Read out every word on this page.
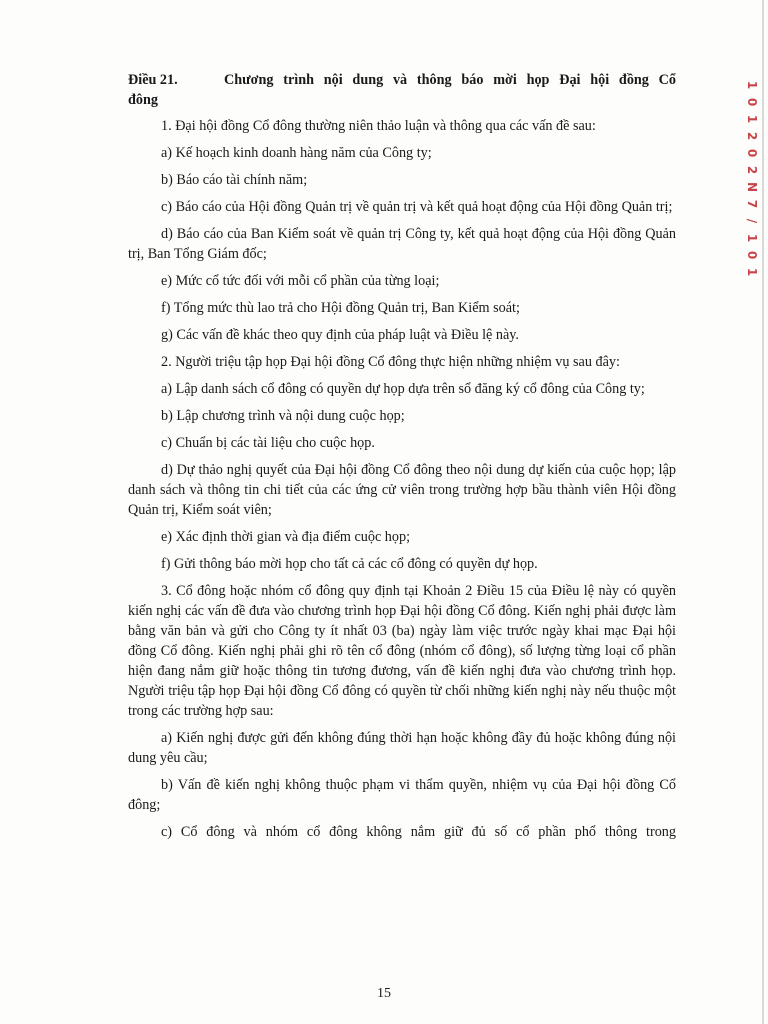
Điều 21.	Chương trình nội dung và thông báo mời họp Đại hội đồng Cổ
đông

1. Đại hội đồng Cổ đông thường niên thảo luận và thông qua các vấn đề sau:

a) Kế hoạch kinh doanh hàng năm của Công ty;

b) Báo cáo tài chính năm;

c) Báo cáo của Hội đồng Quản trị về quản trị và kết quả hoạt động của Hội đồng Quản trị;

d) Báo cáo của Ban Kiểm soát về quản trị Công ty, kết quả hoạt động của Hội đồng Quản trị, Ban Tổng Giám đốc;

e) Mức cổ tức đối với mỗi cổ phần của từng loại;

f) Tổng mức thù lao trả cho Hội đồng Quản trị, Ban Kiểm soát;

g) Các vấn đề khác theo quy định của pháp luật và Điều lệ này.

2. Người triệu tập họp Đại hội đồng Cổ đông thực hiện những nhiệm vụ sau đây:

a) Lập danh sách cổ đông có quyền dự họp dựa trên sổ đăng ký cổ đông của Công ty;

b) Lập chương trình và nội dung cuộc họp;

c) Chuẩn bị các tài liệu cho cuộc họp.

d) Dự thảo nghị quyết của Đại hội đồng Cổ đông theo nội dung dự kiến của cuộc họp; lập danh sách và thông tin chi tiết của các ứng cử viên trong trường hợp bầu thành viên Hội đồng Quản trị, Kiểm soát viên;

e) Xác định thời gian và địa điểm cuộc họp;

f) Gửi thông báo mời họp cho tất cả các cổ đông có quyền dự họp.

3. Cổ đông hoặc nhóm cổ đông quy định tại Khoản 2 Điều 15 của Điều lệ này có quyền kiến nghị các vấn đề đưa vào chương trình họp Đại hội đồng Cổ đông. Kiến nghị phải được làm bằng văn bản và gửi cho Công ty ít nhất 03 (ba) ngày làm việc trước ngày khai mạc Đại hội đồng Cổ đông. Kiến nghị phải ghi rõ tên cổ đông (nhóm cổ đông), số lượng từng loại cổ phần hiện đang nắm giữ hoặc thông tin tương đương, vấn đề kiến nghị đưa vào chương trình họp. Người triệu tập họp Đại hội đồng Cổ đông có quyền từ chối những kiến nghị này nếu thuộc một trong các trường hợp sau:

a) Kiến nghị được gửi đến không đúng thời hạn hoặc không đầy đủ hoặc không đúng nội dung yêu cầu;

b) Vấn đề kiến nghị không thuộc phạm vi thẩm quyền, nhiệm vụ của Đại hội đồng Cổ đông;

c) Cổ đông và nhóm cổ đông không nắm giữ đủ số cổ phần phổ thông trong

15
1
0
1
2
0
2
N
7
/
1
0
1
